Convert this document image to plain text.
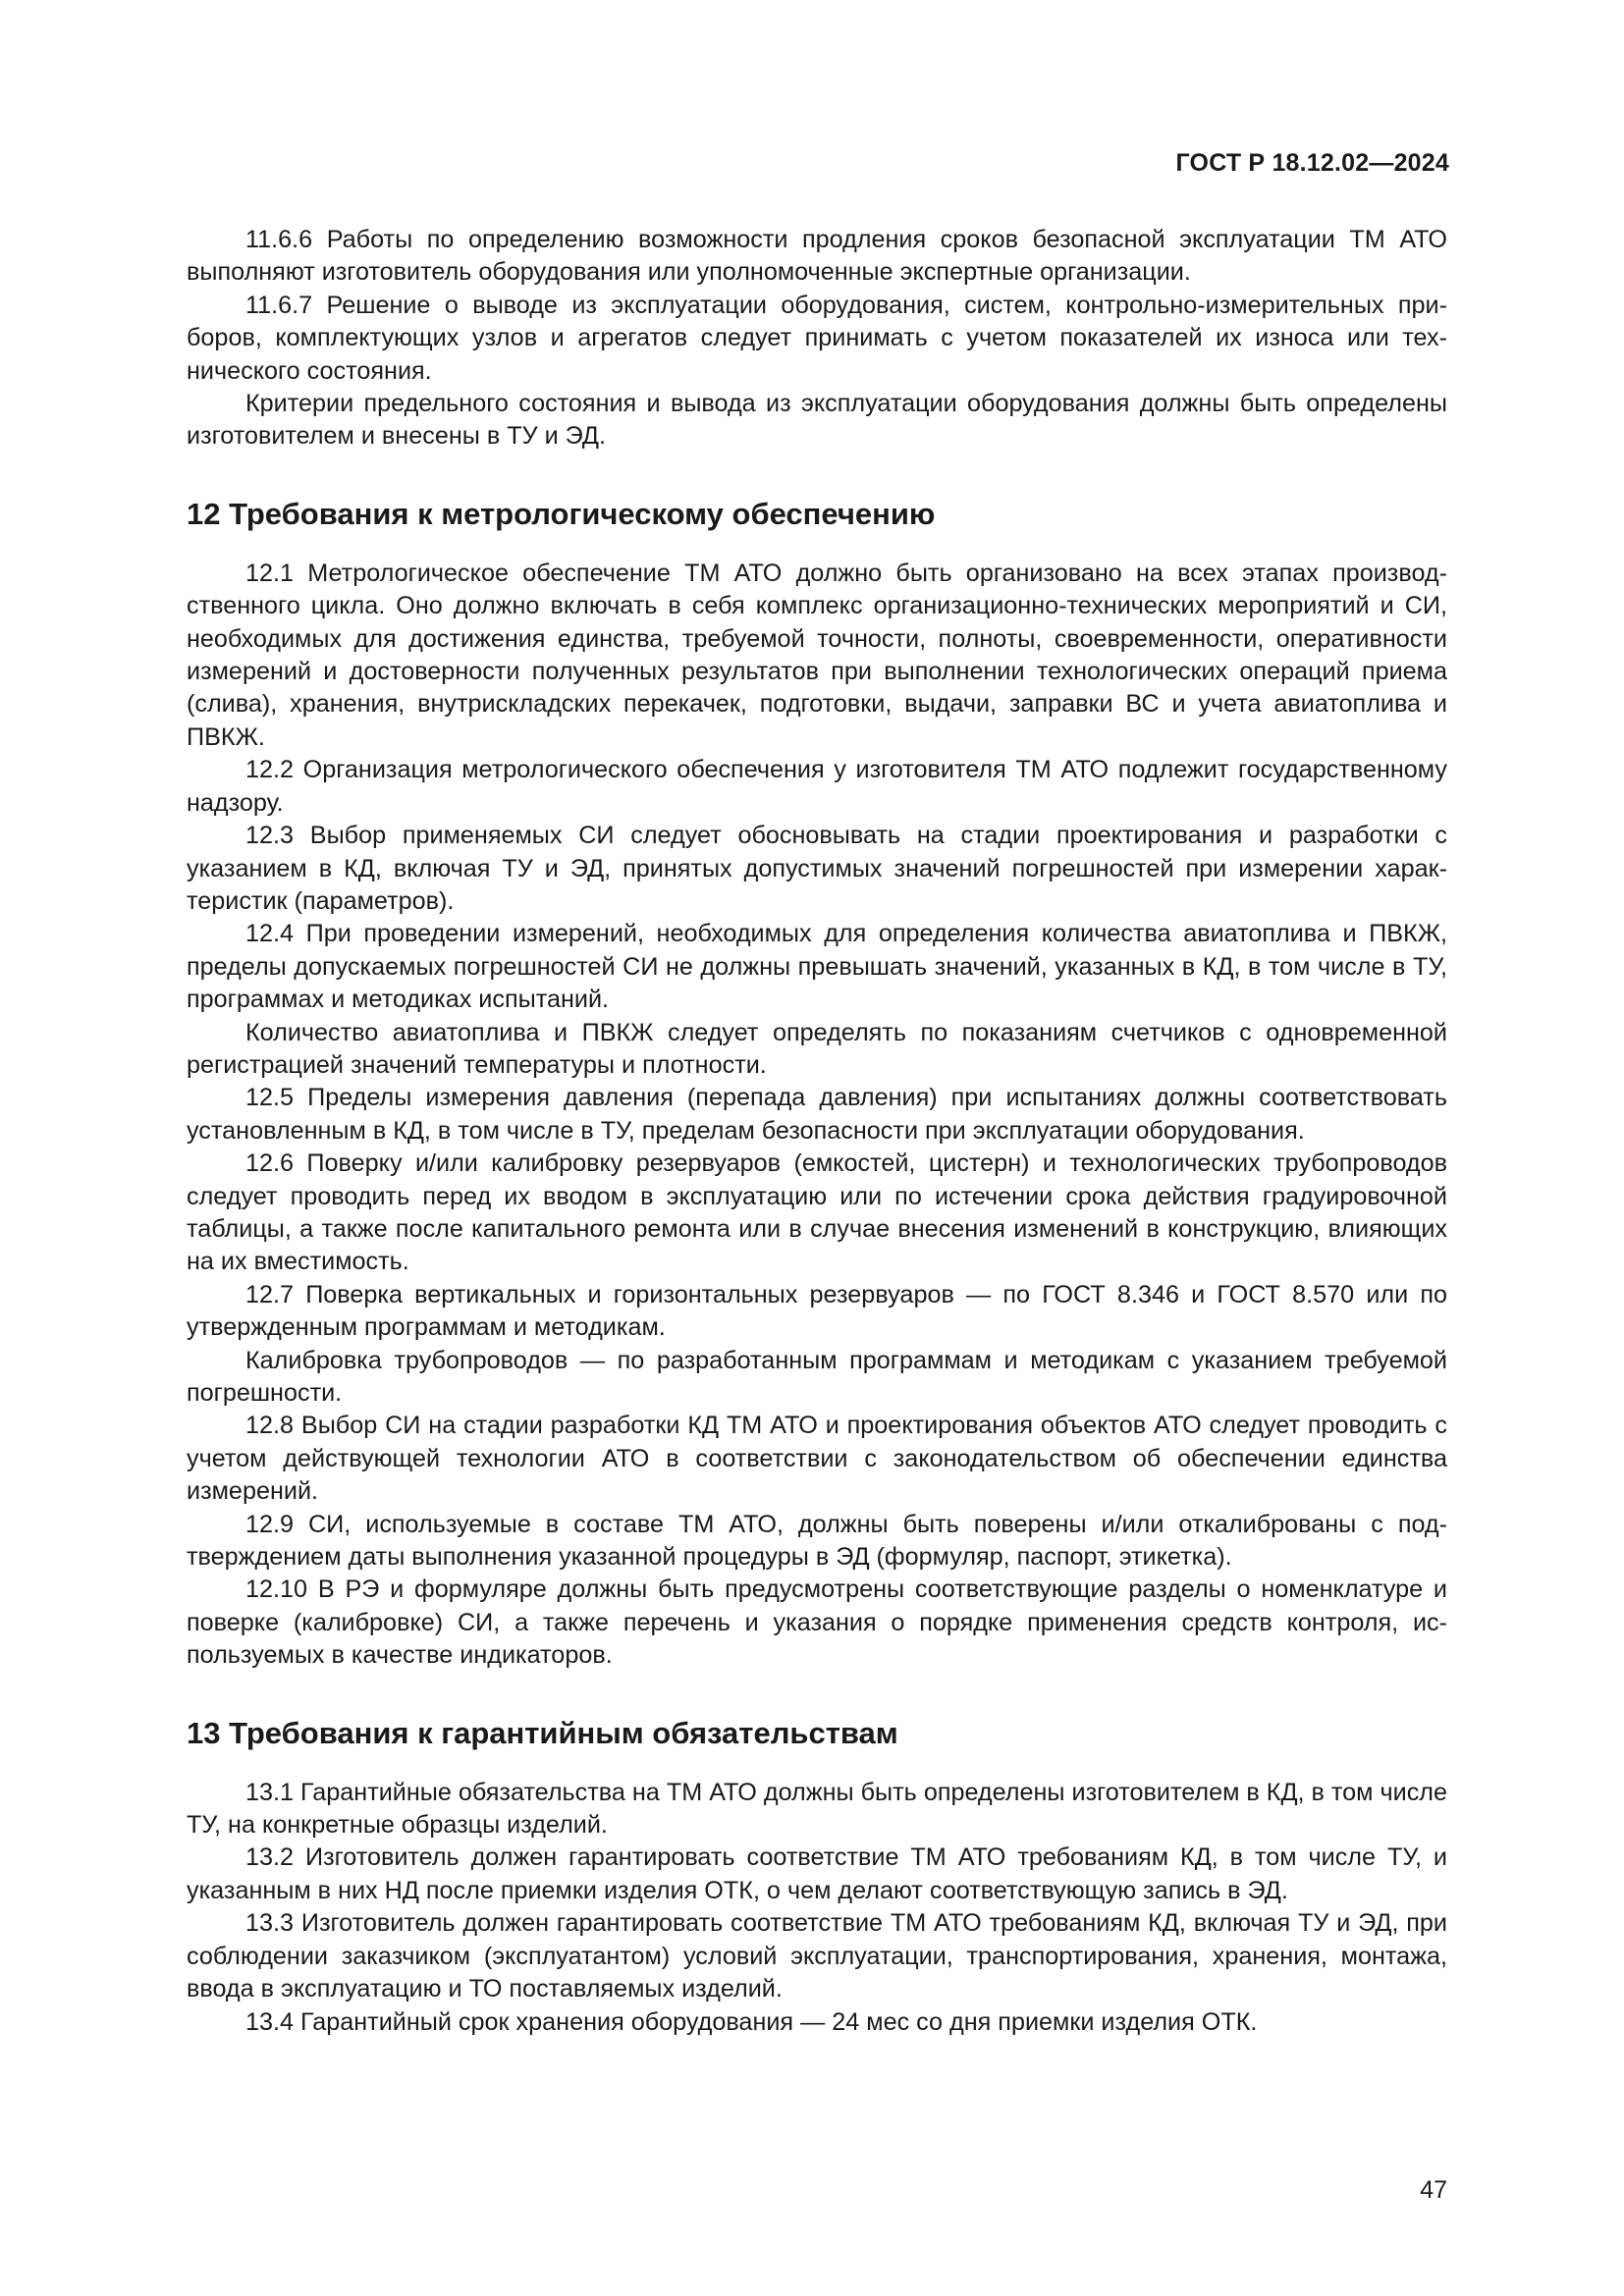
ГОСТ Р 18.12.02—2024

11.6.6 Работы по определению возможности продления сроков безопасной эксплуатации ТМ АТО выполняют изготовитель оборудования или уполномоченные экспертные организации.

11.6.7 Решение о выводе из эксплуатации оборудования, систем, контрольно-измерительных приборов, комплектующих узлов и агрегатов следует принимать с учетом показателей их износа или технического состояния.

Критерии предельного состояния и вывода из эксплуатации оборудования должны быть определены изготовителем и внесены в ТУ и ЭД.

12 Требования к метрологическому обеспечению

12.1 Метрологическое обеспечение ТМ АТО должно быть организовано на всех этапах производственного цикла. Оно должно включать в себя комплекс организационно-технических мероприятий и СИ, необходимых для достижения единства, требуемой точности, полноты, своевременности, оперативности измерений и достоверности полученных результатов при выполнении технологических операций приема (слива), хранения, внутрискладских перекачек, подготовки, выдачи, заправки ВС и учета авиатоплива и ПВКЖ.

12.2 Организация метрологического обеспечения у изготовителя ТМ АТО подлежит государственному надзору.

12.3 Выбор применяемых СИ следует обосновывать на стадии проектирования и разработки с указанием в КД, включая ТУ и ЭД, принятых допустимых значений погрешностей при измерении характеристик (параметров).

12.4 При проведении измерений, необходимых для определения количества авиатоплива и ПВКЖ, пределы допускаемых погрешностей СИ не должны превышать значений, указанных в КД, в том числе в ТУ, программах и методиках испытаний.

Количество авиатоплива и ПВКЖ следует определять по показаниям счетчиков с одновременной регистрацией значений температуры и плотности.

12.5 Пределы измерения давления (перепада давления) при испытаниях должны соответствовать установленным в КД, в том числе в ТУ, пределам безопасности при эксплуатации оборудования.

12.6 Поверку и/или калибровку резервуаров (емкостей, цистерн) и технологических трубопроводов следует проводить перед их вводом в эксплуатацию или по истечении срока действия градуировочной таблицы, а также после капитального ремонта или в случае внесения изменений в конструкцию, влияющих на их вместимость.

12.7 Поверка вертикальных и горизонтальных резервуаров — по ГОСТ 8.346 и ГОСТ 8.570 или по утвержденным программам и методикам.

Калибровка трубопроводов — по разработанным программам и методикам с указанием требуемой погрешности.

12.8 Выбор СИ на стадии разработки КД ТМ АТО и проектирования объектов АТО следует проводить с учетом действующей технологии АТО в соответствии с законодательством об обеспечении единства измерений.

12.9 СИ, используемые в составе ТМ АТО, должны быть поверены и/или откалиброваны с подтверждением даты выполнения указанной процедуры в ЭД (формуляр, паспорт, этикетка).

12.10 В РЭ и формуляре должны быть предусмотрены соответствующие разделы о номенклатуре и поверке (калибровке) СИ, а также перечень и указания о порядке применения средств контроля, используемых в качестве индикаторов.

13 Требования к гарантийным обязательствам

13.1 Гарантийные обязательства на ТМ АТО должны быть определены изготовителем в КД, в том числе ТУ, на конкретные образцы изделий.

13.2 Изготовитель должен гарантировать соответствие ТМ АТО требованиям КД, в том числе ТУ, и указанным в них НД после приемки изделия ОТК, о чем делают соответствующую запись в ЭД.

13.3 Изготовитель должен гарантировать соответствие ТМ АТО требованиям КД, включая ТУ и ЭД, при соблюдении заказчиком (эксплуатантом) условий эксплуатации, транспортирования, хранения, монтажа, ввода в эксплуатацию и ТО поставляемых изделий.

13.4 Гарантийный срок хранения оборудования — 24 мес со дня приемки изделия ОТК.

47
